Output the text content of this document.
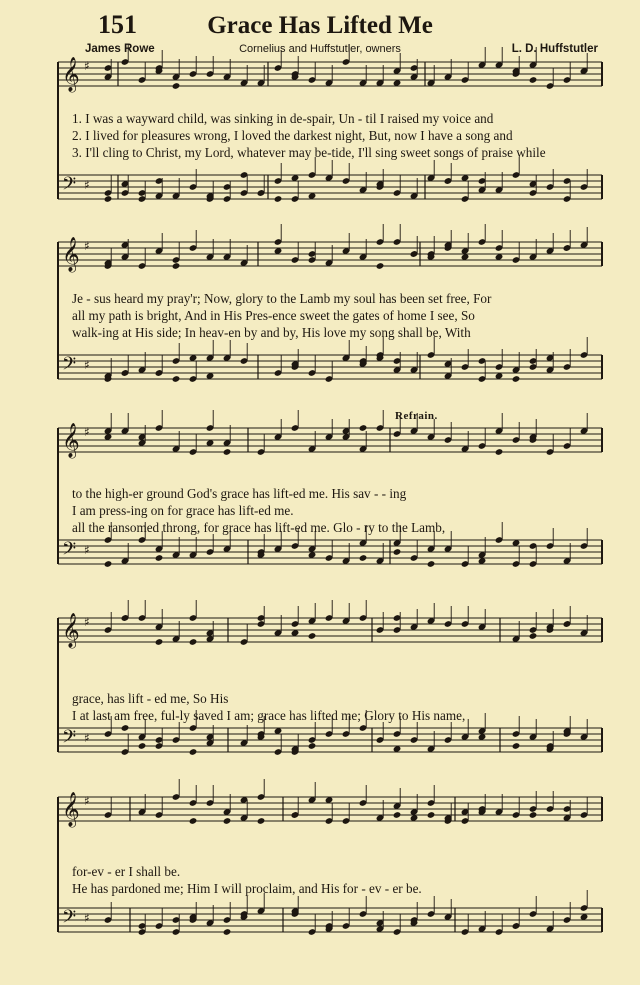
151	Grace Has Lifted Me
James Rowe	Cornelius and Huffstutler, owners	L. D. Huffstutler
𝄞 ♯
𝄢 ♯
𝄞 ♯
𝄢 ♯
𝄞 ♯
𝄢 ♯
𝄞 ♯
𝄢 ♯
𝄞 ♯
𝄢 ♯
1. I was a wayward child, was sinking in de-spair, Un - til I raised my voice and
2. I lived for pleasures wrong, I loved the darkest night, But, now I have a song and
3. I'll cling to Christ, my Lord, whatever may be-tide, I'll sing sweet songs of praise while
Je - sus heard my pray'r; Now, glory to the Lamb my soul has been set free, For
all my path is bright, And in His Pres-ence sweet the gates of home I see, So
walk-ing at His side; In heav-en by and by, His love my song shall be, With
Refrain.
to the high-er ground God's grace has lift-ed me. His sav - - ing
I am press-ing on for grace has lift-ed me.
all the ransomed throng, for grace has lift-ed me. Glo - ry to the Lamb,
grace, has lift - ed me, So His
I at last am free, ful-ly saved I am; grace has lifted me; Glory to His name,
for-ev - er I shall be.
He has pardoned me; Him I will proclaim, and His for - ev - er be.
